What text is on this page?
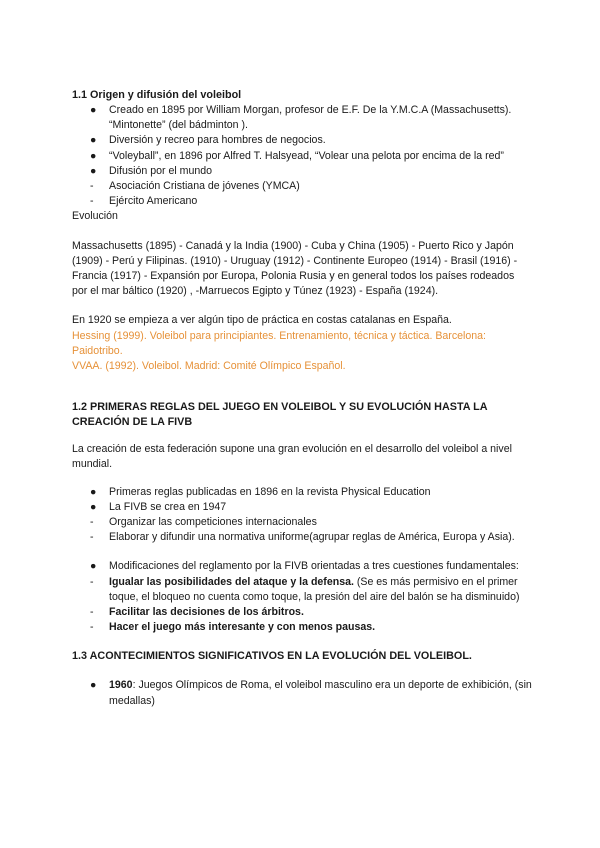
1.1 Origen y difusión del voleibol
●	Creado en 1895 por William Morgan, profesor de E.F. De la Y.M.C.A (Massachusetts). “Mintonette” (del bádminton ).
●	Diversión y recreo para hombres de negocios.
●	“Voleyball”, en 1896 por Alfred T. Halsyead, “Volear una pelota por encima de la red”
●	Difusión por el mundo
-	Asociación Cristiana de jóvenes (YMCA)
-	Ejército Americano

Evolución

Massachusetts (1895) - Canadá y la India (1900) - Cuba y China (1905) - Puerto Rico y Japón (1909) - Perú y Filipinas. (1910) - Uruguay (1912) - Continente Europeo (1914) - Brasil (1916) - Francia (1917) - Expansión por Europa, Polonia Rusia y en general todos los países rodeados por el mar báltico (1920) , -Marruecos Egipto y Túnez (1923) - España (1924).

En 1920 se empieza a ver algún tipo de práctica en costas catalanas en España.

Hessing (1999). Voleibol para principiantes. Entrenamiento, técnica y táctica. Barcelona: Paidotribo.

VVAA. (1992). Voleibol. Madrid: Comité Olímpico Español.

1.2 PRIMERAS REGLAS DEL JUEGO EN VOLEIBOL Y SU EVOLUCIÓN HASTA LA CREACIÓN DE LA FIVB

La creación de esta federación supone una gran evolución en el desarrollo del voleibol a nivel mundial.

●	Primeras reglas publicadas en 1896 en la revista Physical Education
●	La FIVB se crea en 1947
-	Organizar las competiciones internacionales
-	Elaborar y difundir una normativa uniforme(agrupar reglas de América, Europa y Asia).
●	Modificaciones del reglamento por la FIVB orientadas a tres cuestiones fundamentales:
-	Igualar las posibilidades del ataque y la defensa. (Se es más permisivo en el primer toque, el bloqueo no cuenta como toque, la presión del aire del balón se ha disminuido)
-	Facilitar las decisiones de los árbitros.
-	Hacer el juego más interesante y con menos pausas.
1.3 ACONTECIMIENTOS SIGNIFICATIVOS EN LA EVOLUCIÓN DEL VOLEIBOL.
●	1960: Juegos Olímpicos de Roma, el voleibol masculino era un deporte de exhibición, (sin medallas)
